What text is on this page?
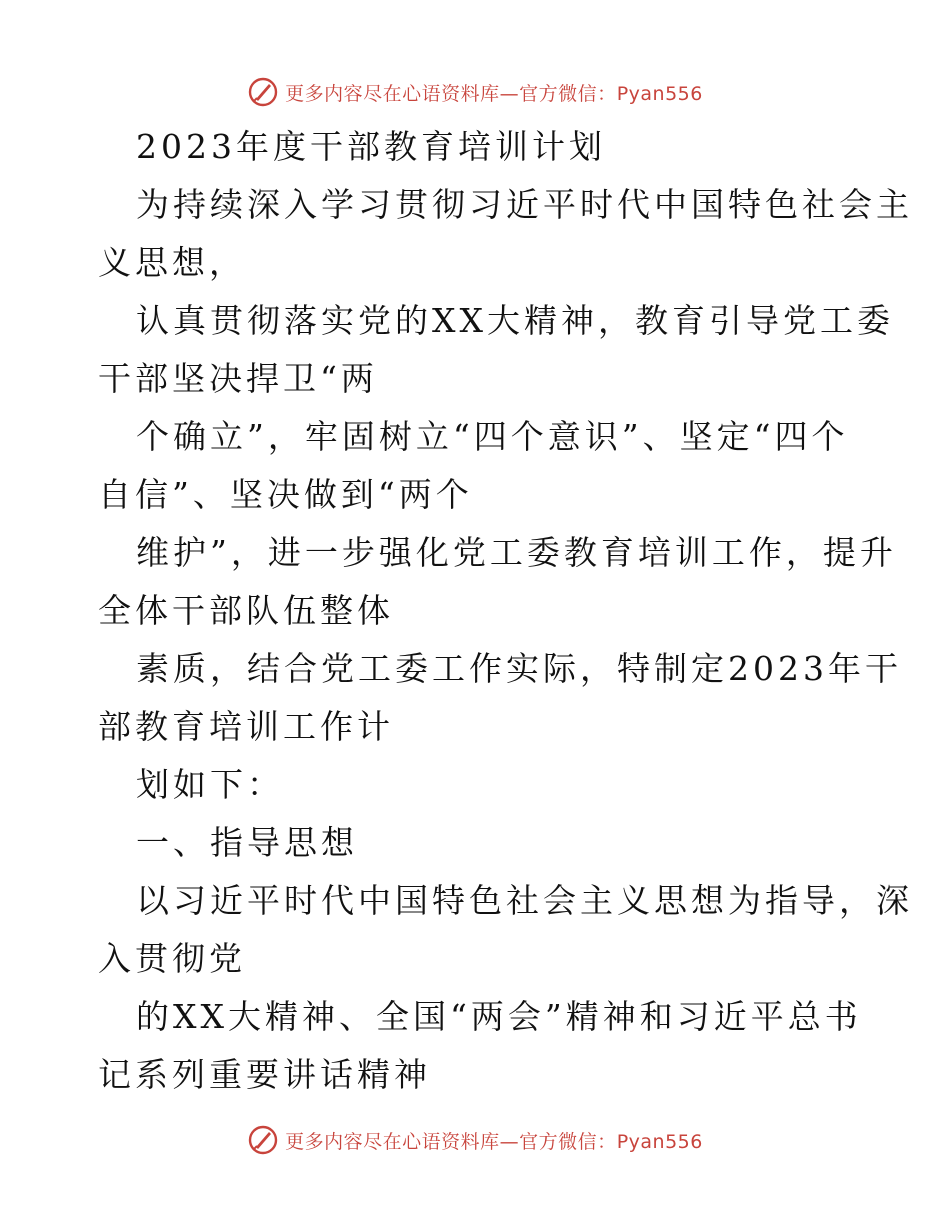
更多内容尽在心语资料库—官方微信：Pyan556
2023年度干部教育培训计划
为持续深入学习贯彻习近平时代中国特色社会主
义思想，
认真贯彻落实党的XX大精神，教育引导党工委
干部坚决捍卫“两
个确立”，牢固树立“四个意识”、坚定“四个
自信”、坚决做到“两个
维护”，进一步强化党工委教育培训工作，提升
全体干部队伍整体
素质，结合党工委工作实际，特制定2023年干
部教育培训工作计
划如下：
一、指导思想
以习近平时代中国特色社会主义思想为指导，深
入贯彻党
的XX大精神、全国“两会”精神和习近平总书
记系列重要讲话精神
更多内容尽在心语资料库—官方微信：Pyan556
